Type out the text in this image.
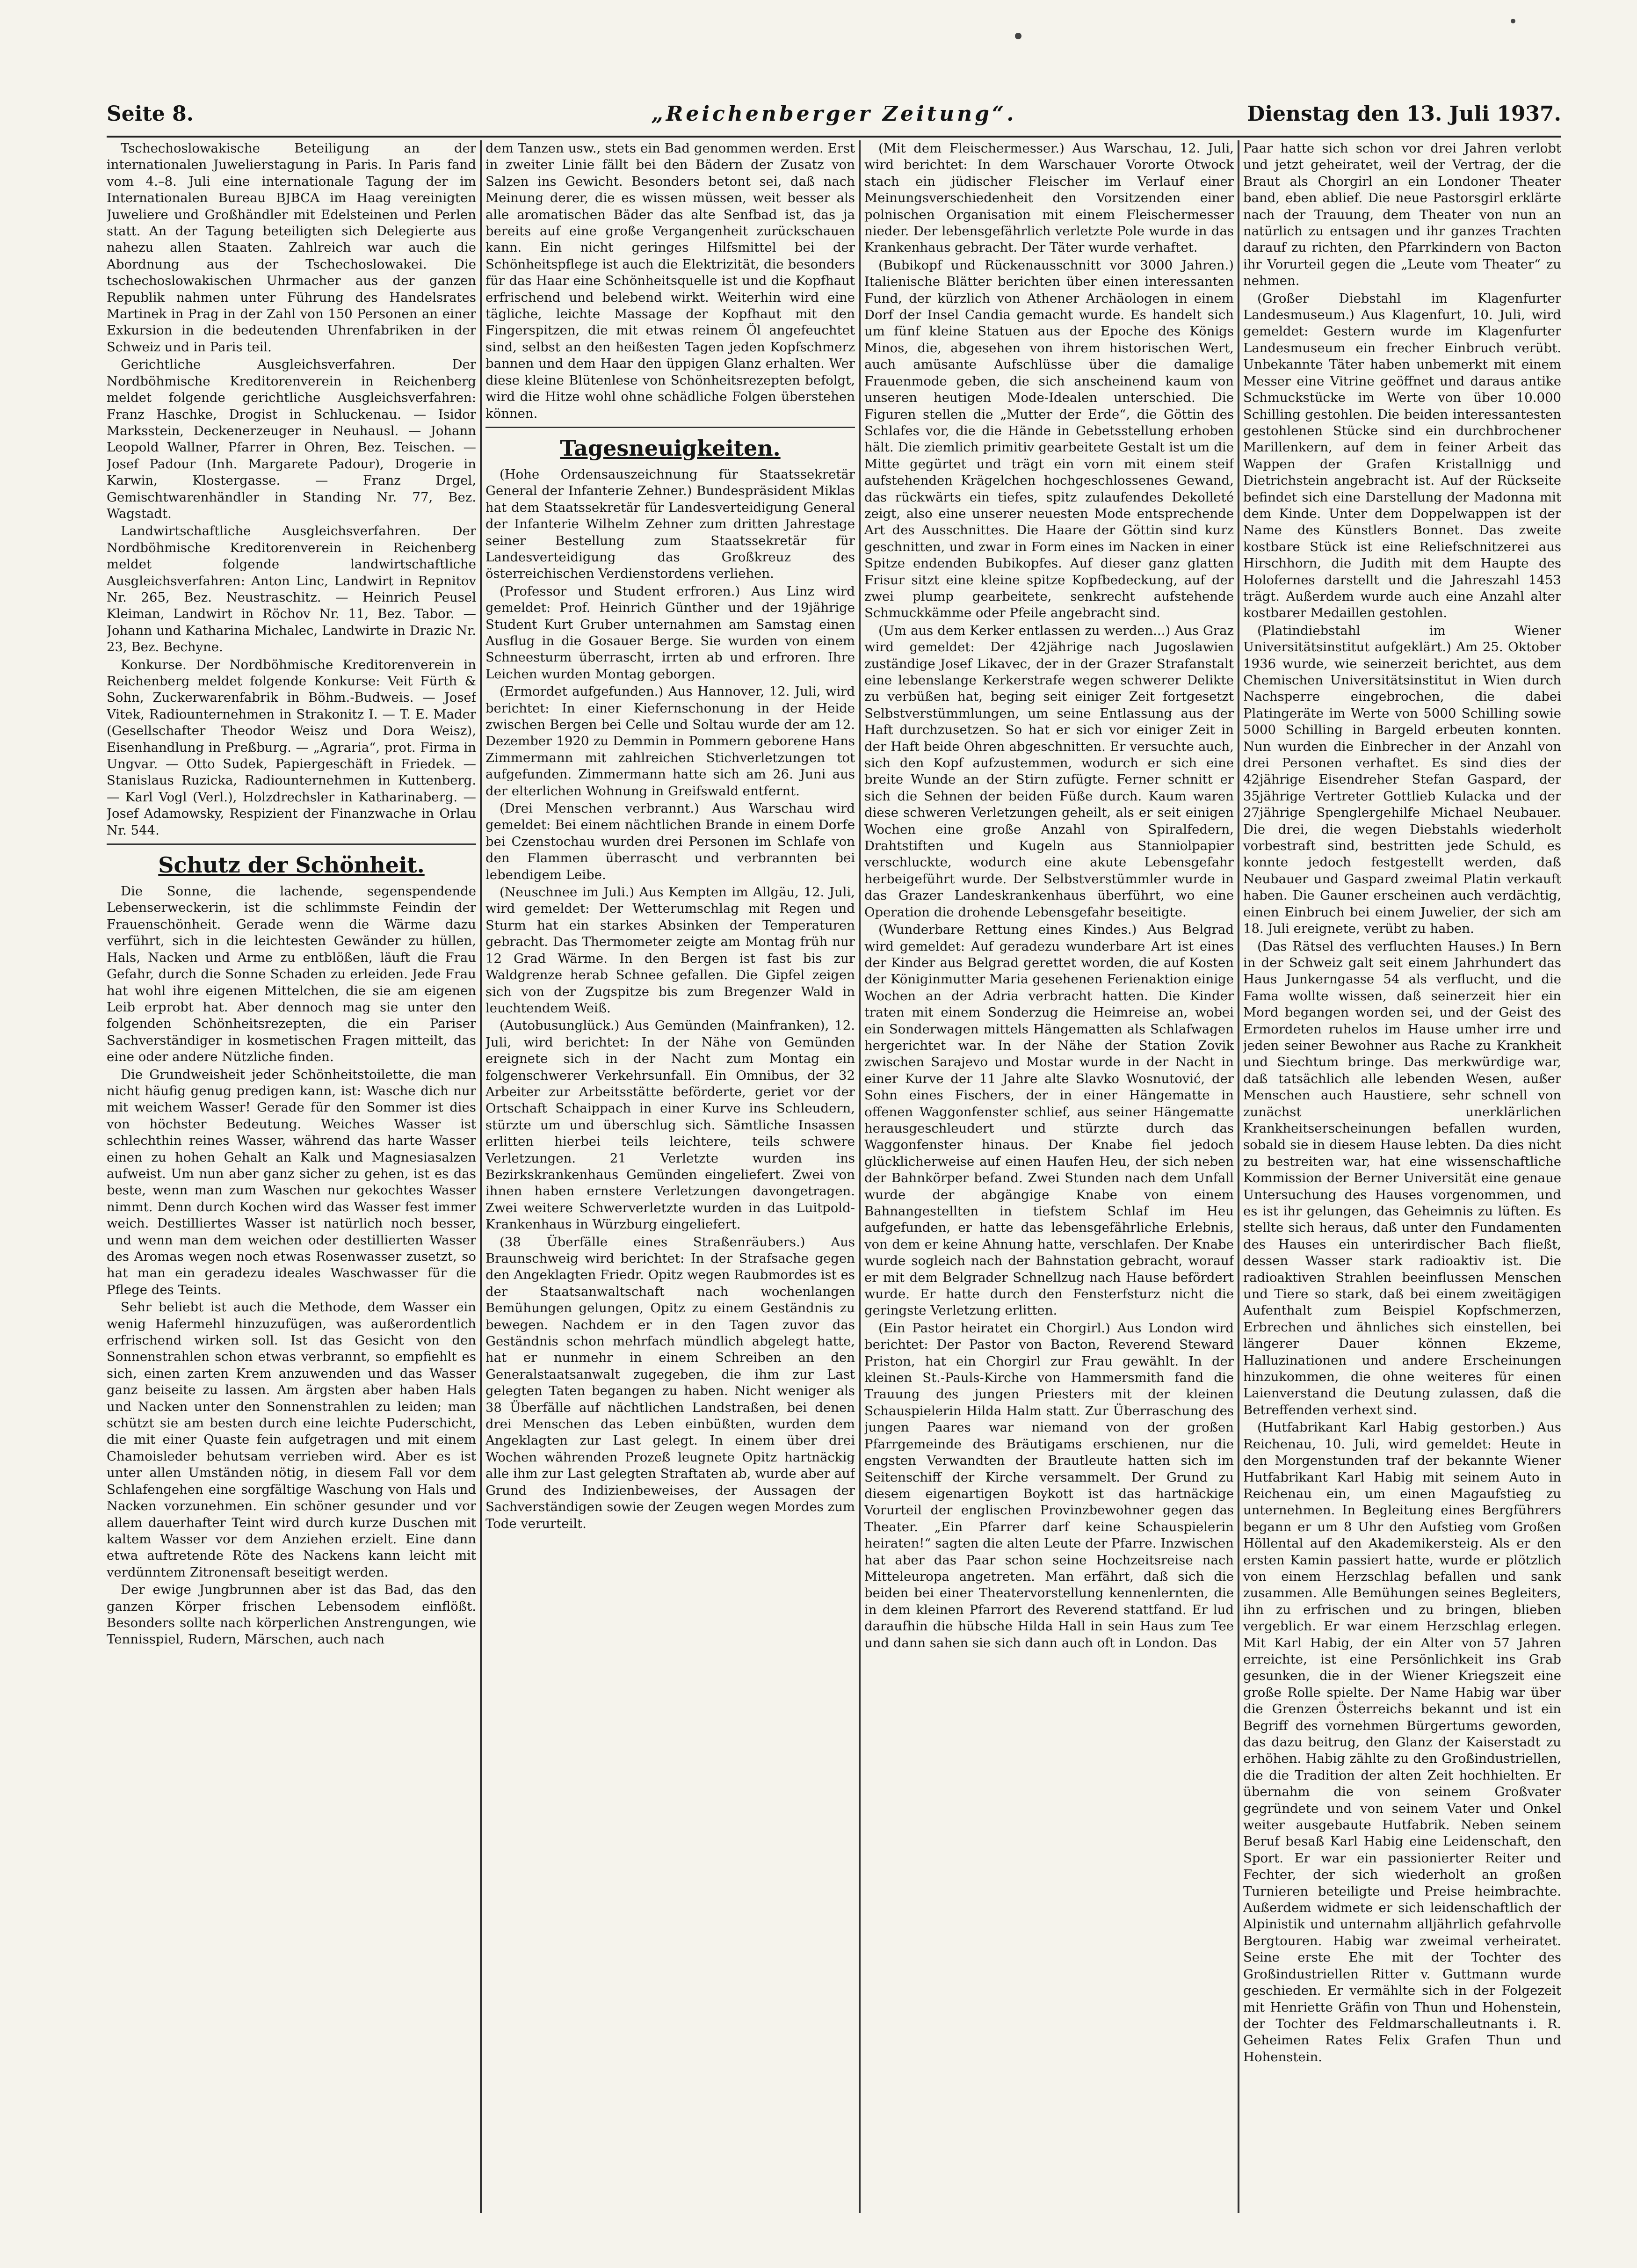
Seite 8.	„Reichenberger Zeitung“.	Dienstag den 13. Juli 1937.

Tschechoslowakische Beteiligung an der internationalen Juwelierstagung in Paris. In Paris fand vom 4.–8. Juli eine internationale Tagung der im Internationalen Bureau BJBCA im Haag vereinigten Juweliere und Großhändler mit Edelsteinen und Perlen statt. An der Tagung beteiligten sich Delegierte aus nahezu allen Staaten. Zahlreich war auch die Abordnung aus der Tschechoslowakei. Die tschechoslowakischen Uhrmacher aus der ganzen Republik nahmen unter Führung des Handelsrates Martinek in Prag in der Zahl von 150 Personen an einer Exkursion in die bedeutenden Uhrenfabriken in der Schweiz und in Paris teil.

Gerichtliche Ausgleichsverfahren. Der Nordböhmische Kreditorenverein in Reichenberg meldet folgende gerichtliche Ausgleichsverfahren: Franz Haschke, Drogist in Schluckenau. — Isidor Marksstein, Deckenerzeuger in Neuhausl. — Johann Leopold Wallner, Pfarrer in Ohren, Bez. Teischen. — Josef Padour (Inh. Margarete Padour), Drogerie in Karwin, Klostergasse. — Franz Drgel, Gemischtwarenhändler in Standing Nr. 77, Bez. Wagstadt.

Landwirtschaftliche Ausgleichsverfahren. Der Nordböhmische Kreditorenverein in Reichenberg meldet folgende landwirtschaftliche Ausgleichsverfahren: Anton Linc, Landwirt in Repnitov Nr. 265, Bez. Neustraschitz. — Heinrich Peusel Kleiman, Landwirt in Röchov Nr. 11, Bez. Tabor. — Johann und Katharina Michalec, Landwirte in Drazic Nr. 23, Bez. Bechyne.

Konkurse. Der Nordböhmische Kreditorenverein in Reichenberg meldet folgende Konkurse: Veit Fürth & Sohn, Zuckerwarenfabrik in Böhm.-Budweis. — Josef Vitek, Radiounternehmen in Strakonitz I. — T. E. Mader (Gesellschafter Theodor Weisz und Dora Weisz), Eisenhandlung in Preßburg. — „Agraria“, prot. Firma in Ungvar. — Otto Sudek, Papiergeschäft in Friedek. — Stanislaus Ruzicka, Radiounternehmen in Kuttenberg. — Karl Vogl (Verl.), Holzdrechsler in Katharinaberg. — Josef Adamowsky, Respizient der Finanzwache in Orlau Nr. 544.

Schutz der Schönheit.

Die Sonne, die lachende, segenspendende Lebenserweckerin, ist die schlimmste Feindin der Frauenschönheit. Gerade wenn die Wärme dazu verführt, sich in die leichtesten Gewänder zu hüllen, Hals, Nacken und Arme zu entblößen, läuft die Frau Gefahr, durch die Sonne Schaden zu erleiden. Jede Frau hat wohl ihre eigenen Mittelchen, die sie am eigenen Leib erprobt hat. Aber dennoch mag sie unter den folgenden Schönheitsrezepten, die ein Pariser Sachverständiger in kosmetischen Fragen mitteilt, das eine oder andere Nützliche finden.

Die Grundweisheit jeder Schönheitstoilette, die man nicht häufig genug predigen kann, ist: Wasche dich nur mit weichem Wasser! Gerade für den Sommer ist dies von höchster Bedeutung. Weiches Wasser ist schlechthin reines Wasser, während das harte Wasser einen zu hohen Gehalt an Kalk und Magnesiasalzen aufweist. Um nun aber ganz sicher zu gehen, ist es das beste, wenn man zum Waschen nur gekochtes Wasser nimmt. Denn durch Kochen wird das Wasser fest immer weich. Destilliertes Wasser ist natürlich noch besser, und wenn man dem weichen oder destillierten Wasser des Aromas wegen noch etwas Rosenwasser zusetzt, so hat man ein geradezu ideales Waschwasser für die Pflege des Teints.

Sehr beliebt ist auch die Methode, dem Wasser ein wenig Hafermehl hinzuzufügen, was außerordentlich erfrischend wirken soll. Ist das Gesicht von den Sonnenstrahlen schon etwas verbrannt, so empfiehlt es sich, einen zarten Krem anzuwenden und das Wasser ganz beiseite zu lassen. Am ärgsten aber haben Hals und Nacken unter den Sonnenstrahlen zu leiden; man schützt sie am besten durch eine leichte Puderschicht, die mit einer Quaste fein aufgetragen und mit einem Chamoisleder behutsam verrieben wird. Aber es ist unter allen Umständen nötig, in diesem Fall vor dem Schlafengehen eine sorgfältige Waschung von Hals und Nacken vorzunehmen. Ein schöner gesunder und vor allem dauerhafter Teint wird durch kurze Duschen mit kaltem Wasser vor dem Anziehen erzielt. Eine dann etwa auftretende Röte des Nackens kann leicht mit verdünntem Zitronensaft beseitigt werden.

Der ewige Jungbrunnen aber ist das Bad, das den ganzen Körper frischen Lebensodem einflößt. Besonders sollte nach körperlichen Anstrengungen, wie Tennisspiel, Rudern, Märschen, auch nach

dem Tanzen usw., stets ein Bad genommen werden. Erst in zweiter Linie fällt bei den Bädern der Zusatz von Salzen ins Gewicht. Besonders betont sei, daß nach Meinung derer, die es wissen müssen, weit besser als alle aromatischen Bäder das alte Senfbad ist, das ja bereits auf eine große Vergangenheit zurückschauen kann. Ein nicht geringes Hilfsmittel bei der Schönheitspflege ist auch die Elektrizität, die besonders für das Haar eine Schönheitsquelle ist und die Kopfhaut erfrischend und belebend wirkt. Weiterhin wird eine tägliche, leichte Massage der Kopfhaut mit den Fingerspitzen, die mit etwas reinem Öl angefeuchtet sind, selbst an den heißesten Tagen jeden Kopfschmerz bannen und dem Haar den üppigen Glanz erhalten. Wer diese kleine Blütenlese von Schönheitsrezepten befolgt, wird die Hitze wohl ohne schädliche Folgen überstehen können.

Tagesneuigkeiten.

(Hohe Ordensauszeichnung für Staatssekretär General der Infanterie Zehner.) Bundespräsident Miklas hat dem Staatssekretär für Landesverteidigung General der Infanterie Wilhelm Zehner zum dritten Jahrestage seiner Bestellung zum Staatssekretär für Landesverteidigung das Großkreuz des österreichischen Verdienstordens verliehen.

(Professor und Student erfroren.) Aus Linz wird gemeldet: Prof. Heinrich Günther und der 19jährige Student Kurt Gruber unternahmen am Samstag einen Ausflug in die Gosauer Berge. Sie wurden von einem Schneesturm überrascht, irrten ab und erfroren. Ihre Leichen wurden Montag geborgen.

(Ermordet aufgefunden.) Aus Hannover, 12. Juli, wird berichtet: In einer Kiefernschonung in der Heide zwischen Bergen bei Celle und Soltau wurde der am 12. Dezember 1920 zu Demmin in Pommern geborene Hans Zimmermann mit zahlreichen Stichverletzungen tot aufgefunden. Zimmermann hatte sich am 26. Juni aus der elterlichen Wohnung in Greifswald entfernt.

(Drei Menschen verbrannt.) Aus Warschau wird gemeldet: Bei einem nächtlichen Brande in einem Dorfe bei Czenstochau wurden drei Personen im Schlafe von den Flammen überrascht und verbrannten bei lebendigem Leibe.

(Neuschnee im Juli.) Aus Kempten im Allgäu, 12. Juli, wird gemeldet: Der Wetterumschlag mit Regen und Sturm hat ein starkes Absinken der Temperaturen gebracht. Das Thermometer zeigte am Montag früh nur 12 Grad Wärme. In den Bergen ist fast bis zur Waldgrenze herab Schnee gefallen. Die Gipfel zeigen sich von der Zugspitze bis zum Bregenzer Wald in leuchtendem Weiß.

(Autobusunglück.) Aus Gemünden (Mainfranken), 12. Juli, wird berichtet: In der Nähe von Gemünden ereignete sich in der Nacht zum Montag ein folgenschwerer Verkehrsunfall. Ein Omnibus, der 32 Arbeiter zur Arbeitsstätte beförderte, geriet vor der Ortschaft Schaippach in einer Kurve ins Schleudern, stürzte um und überschlug sich. Sämtliche Insassen erlitten hierbei teils leichtere, teils schwere Verletzungen. 21 Verletzte wurden ins Bezirkskrankenhaus Gemünden eingeliefert. Zwei von ihnen haben ernstere Verletzungen davongetragen. Zwei weitere Schwerverletzte wurden in das Luitpold-Krankenhaus in Würzburg eingeliefert.

(38 Überfälle eines Straßenräubers.) Aus Braunschweig wird berichtet: In der Strafsache gegen den Angeklagten Friedr. Opitz wegen Raubmordes ist es der Staatsanwaltschaft nach wochenlangen Bemühungen gelungen, Opitz zu einem Geständnis zu bewegen. Nachdem er in den Tagen zuvor das Geständnis schon mehrfach mündlich abgelegt hatte, hat er nunmehr in einem Schreiben an den Generalstaatsanwalt zugegeben, die ihm zur Last gelegten Taten begangen zu haben. Nicht weniger als 38 Überfälle auf nächtlichen Landstraßen, bei denen drei Menschen das Leben einbüßten, wurden dem Angeklagten zur Last gelegt. In einem über drei Wochen währenden Prozeß leugnete Opitz hartnäckig alle ihm zur Last gelegten Straftaten ab, wurde aber auf Grund des Indizienbeweises, der Aussagen der Sachverständigen sowie der Zeugen wegen Mordes zum Tode verurteilt.

(Mit dem Fleischermesser.) Aus Warschau, 12. Juli, wird berichtet: In dem Warschauer Vororte Otwock stach ein jüdischer Fleischer im Verlauf einer Meinungsverschiedenheit den Vorsitzenden einer polnischen Organisation mit einem Fleischermesser nieder. Der lebensgefährlich verletzte Pole wurde in das Krankenhaus gebracht. Der Täter wurde verhaftet.

(Bubikopf und Rückenausschnitt vor 3000 Jahren.) Italienische Blätter berichten über einen interessanten Fund, der kürzlich von Athener Archäologen in einem Dorf der Insel Candia gemacht wurde. Es handelt sich um fünf kleine Statuen aus der Epoche des Königs Minos, die, abgesehen von ihrem historischen Wert, auch amüsante Aufschlüsse über die damalige Frauenmode geben, die sich anscheinend kaum von unseren heutigen Mode-Idealen unterschied. Die Figuren stellen die „Mutter der Erde“, die Göttin des Schlafes vor, die die Hände in Gebetsstellung erhoben hält. Die ziemlich primitiv gearbeitete Gestalt ist um die Mitte gegürtet und trägt ein vorn mit einem steif aufstehenden Krägelchen hochgeschlossenes Gewand, das rückwärts ein tiefes, spitz zulaufendes Dekolleté zeigt, also eine unserer neuesten Mode entsprechende Art des Ausschnittes. Die Haare der Göttin sind kurz geschnitten, und zwar in Form eines im Nacken in einer Spitze endenden Bubikopfes. Auf dieser ganz glatten Frisur sitzt eine kleine spitze Kopfbedeckung, auf der zwei plump gearbeitete, senkrecht aufstehende Schmuckkämme oder Pfeile angebracht sind.

(Um aus dem Kerker entlassen zu werden...) Aus Graz wird gemeldet: Der 42jährige nach Jugoslawien zuständige Josef Likavec, der in der Grazer Strafanstalt eine lebenslange Kerkerstrafe wegen schwerer Delikte zu verbüßen hat, beging seit einiger Zeit fortgesetzt Selbstverstümmlungen, um seine Entlassung aus der Haft durchzusetzen. So hat er sich vor einiger Zeit in der Haft beide Ohren abgeschnitten. Er versuchte auch, sich den Kopf aufzustemmen, wodurch er sich eine breite Wunde an der Stirn zufügte. Ferner schnitt er sich die Sehnen der beiden Füße durch. Kaum waren diese schweren Verletzungen geheilt, als er seit einigen Wochen eine große Anzahl von Spiralfedern, Drahtstiften und Kugeln aus Stanniolpapier verschluckte, wodurch eine akute Lebensgefahr herbeigeführt wurde. Der Selbstverstümmler wurde in das Grazer Landeskrankenhaus überführt, wo eine Operation die drohende Lebensgefahr beseitigte.

(Wunderbare Rettung eines Kindes.) Aus Belgrad wird gemeldet: Auf geradezu wunderbare Art ist eines der Kinder aus Belgrad gerettet worden, die auf Kosten der Königinmutter Maria gesehenen Ferienaktion einige Wochen an der Adria verbracht hatten. Die Kinder traten mit einem Sonderzug die Heimreise an, wobei ein Sonderwagen mittels Hängematten als Schlafwagen hergerichtet war. In der Nähe der Station Zovik zwischen Sarajevo und Mostar wurde in der Nacht in einer Kurve der 11 Jahre alte Slavko Wosnutović, der Sohn eines Fischers, der in einer Hängematte in offenen Waggonfenster schlief, aus seiner Hängematte herausgeschleudert und stürzte durch das Waggonfenster hinaus. Der Knabe fiel jedoch glücklicherweise auf einen Haufen Heu, der sich neben der Bahnkörper befand. Zwei Stunden nach dem Unfall wurde der abgängige Knabe von einem Bahnangestellten in tiefstem Schlaf im Heu aufgefunden, er hatte das lebensgefährliche Erlebnis, von dem er keine Ahnung hatte, verschlafen. Der Knabe wurde sogleich nach der Bahnstation gebracht, worauf er mit dem Belgrader Schnellzug nach Hause befördert wurde. Er hatte durch den Fensterfsturz nicht die geringste Verletzung erlitten.

(Ein Pastor heiratet ein Chorgirl.) Aus London wird berichtet: Der Pastor von Bacton, Reverend Steward Priston, hat ein Chorgirl zur Frau gewählt. In der kleinen St.-Pauls-Kirche von Hammersmith fand die Trauung des jungen Priesters mit der kleinen Schauspielerin Hilda Halm statt. Zur Überraschung des jungen Paares war niemand von der großen Pfarrgemeinde des Bräutigams erschienen, nur die engsten Verwandten der Brautleute hatten sich im Seitenschiff der Kirche versammelt. Der Grund zu diesem eigenartigen Boykott ist das hartnäckige Vorurteil der englischen Provinzbewohner gegen das Theater. „Ein Pfarrer darf keine Schauspielerin heiraten!“ sagten die alten Leute der Pfarre. Inzwischen hat aber das Paar schon seine Hochzeitsreise nach Mitteleuropa angetreten. Man erfährt, daß sich die beiden bei einer Theatervorstellung kennenlernten, die in dem kleinen Pfarrort des Reverend stattfand. Er lud daraufhin die hübsche Hilda Hall in sein Haus zum Tee und dann sahen sie sich dann auch oft in London. Das

Paar hatte sich schon vor drei Jahren verlobt und jetzt geheiratet, weil der Vertrag, der die Braut als Chorgirl an ein Londoner Theater band, eben ablief. Die neue Pastorsgirl erklärte nach der Trauung, dem Theater von nun an natürlich zu entsagen und ihr ganzes Trachten darauf zu richten, den Pfarrkindern von Bacton ihr Vorurteil gegen die „Leute vom Theater“ zu nehmen.

(Großer Diebstahl im Klagenfurter Landesmuseum.) Aus Klagenfurt, 10. Juli, wird gemeldet: Gestern wurde im Klagenfurter Landesmuseum ein frecher Einbruch verübt. Unbekannte Täter haben unbemerkt mit einem Messer eine Vitrine geöffnet und daraus antike Schmuckstücke im Werte von über 10.000 Schilling gestohlen. Die beiden interessantesten gestohlenen Stücke sind ein durchbrochener Marillenkern, auf dem in feiner Arbeit das Wappen der Grafen Kristallnigg und Dietrichstein angebracht ist. Auf der Rückseite befindet sich eine Darstellung der Madonna mit dem Kinde. Unter dem Doppelwappen ist der Name des Künstlers Bonnet. Das zweite kostbare Stück ist eine Reliefschnitzerei aus Hirschhorn, die Judith mit dem Haupte des Holofernes darstellt und die Jahreszahl 1453 trägt. Außerdem wurde auch eine Anzahl alter kostbarer Medaillen gestohlen.

(Platindiebstahl im Wiener Universitätsinstitut aufgeklärt.) Am 25. Oktober 1936 wurde, wie seinerzeit berichtet, aus dem Chemischen Universitätsinstitut in Wien durch Nachsperre eingebrochen, die dabei Platingeräte im Werte von 5000 Schilling sowie 5000 Schilling in Bargeld erbeuten konnten. Nun wurden die Einbrecher in der Anzahl von drei Personen verhaftet. Es sind dies der 42jährige Eisendreher Stefan Gaspard, der 35jährige Vertreter Gottlieb Kulacka und der 27jährige Spenglergehilfe Michael Neubauer. Die drei, die wegen Diebstahls wiederholt vorbestraft sind, bestritten jede Schuld, es konnte jedoch festgestellt werden, daß Neubauer und Gaspard zweimal Platin verkauft haben. Die Gauner erscheinen auch verdächtig, einen Einbruch bei einem Juwelier, der sich am 18. Juli ereignete, verübt zu haben.

(Das Rätsel des verfluchten Hauses.) In Bern in der Schweiz galt seit einem Jahrhundert das Haus Junkerngasse 54 als verflucht, und die Fama wollte wissen, daß seinerzeit hier ein Mord begangen worden sei, und der Geist des Ermordeten ruhelos im Hause umher irre und jeden seiner Bewohner aus Rache zu Krankheit und Siechtum bringe. Das merkwürdige war, daß tatsächlich alle lebenden Wesen, außer Menschen auch Haustiere, sehr schnell von zunächst unerklärlichen Krankheitserscheinungen befallen wurden, sobald sie in diesem Hause lebten. Da dies nicht zu bestreiten war, hat eine wissenschaftliche Kommission der Berner Universität eine genaue Untersuchung des Hauses vorgenommen, und es ist ihr gelungen, das Geheimnis zu lüften. Es stellte sich heraus, daß unter den Fundamenten des Hauses ein unterirdischer Bach fließt, dessen Wasser stark radioaktiv ist. Die radioaktiven Strahlen beeinflussen Menschen und Tiere so stark, daß bei einem zweitägigen Aufenthalt zum Beispiel Kopfschmerzen, Erbrechen und ähnliches sich einstellen, bei längerer Dauer können Ekzeme, Halluzinationen und andere Erscheinungen hinzukommen, die ohne weiteres für einen Laienverstand die Deutung zulassen, daß die Betreffenden verhext sind.

(Hutfabrikant Karl Habig gestorben.) Aus Reichenau, 10. Juli, wird gemeldet: Heute in den Morgenstunden traf der bekannte Wiener Hutfabrikant Karl Habig mit seinem Auto in Reichenau ein, um einen Magaufstieg zu unternehmen. In Begleitung eines Bergführers begann er um 8 Uhr den Aufstieg vom Großen Höllental auf den Akademikersteig. Als er den ersten Kamin passiert hatte, wurde er plötzlich von einem Herzschlag befallen und sank zusammen. Alle Bemühungen seines Begleiters, ihn zu erfrischen und zu bringen, blieben vergeblich. Er war einem Herzschlag erlegen. Mit Karl Habig, der ein Alter von 57 Jahren erreichte, ist eine Persönlichkeit ins Grab gesunken, die in der Wiener Kriegszeit eine große Rolle spielte. Der Name Habig war über die Grenzen Österreichs bekannt und ist ein Begriff des vornehmen Bürgertums geworden, das dazu beitrug, den Glanz der Kaiserstadt zu erhöhen. Habig zählte zu den Großindustriellen, die die Tradition der alten Zeit hochhielten. Er übernahm die von seinem Großvater gegründete und von seinem Vater und Onkel weiter ausgebaute Hutfabrik. Neben seinem Beruf besaß Karl Habig eine Leidenschaft, den Sport. Er war ein passionierter Reiter und Fechter, der sich wiederholt an großen Turnieren beteiligte und Preise heimbrachte. Außerdem widmete er sich leidenschaftlich der Alpinistik und unternahm alljährlich gefahrvolle Bergtouren. Habig war zweimal verheiratet. Seine erste Ehe mit der Tochter des Großindustriellen Ritter v. Guttmann wurde geschieden. Er vermählte sich in der Folgezeit mit Henriette Gräfin von Thun und Hohenstein, der Tochter des Feldmarschalleutnants i. R. Geheimen Rates Felix Grafen Thun und Hohenstein.
